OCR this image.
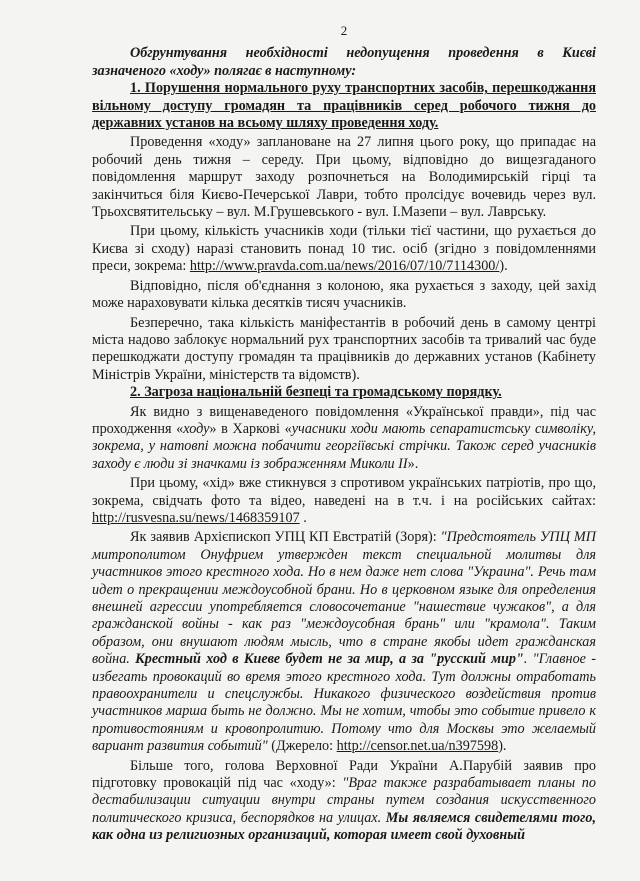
2

Обгрунтування необхідності недопущення проведення в Києві зазначеного «ходу» полягає в наступному:

1. Порушення нормального руху транспортних засобів, перешкоджання вільному доступу громадян та працівників серед робочого тижня до державних установ на всьому шляху проведення ходу.

Проведення «ходу» заплановане на 27 липня цього року, що припадає на робочий день тижня – середу. При цьому, відповідно до вищезгаданого повідомлення маршрут заходу розпочнеться на Володимирській гірці та закінчиться біля Києво-Печерської Лаври, тобто пролсідує вочевидь через вул. Трьохсвятительську – вул. М.Грушевського - вул. І.Мазепи – вул. Лаврську.

При цьому, кількість учасників ходи (тільки тієї частини, що рухається до Києва зі сходу) наразі становить понад 10 тис. осіб (згідно з повідомленнями преси, зокрема: http://www.pravda.com.ua/news/2016/07/10/7114300/).

Відповідно, після об'єднання з колоною, яка рухається з заходу, цей захід може нараховувати кілька десятків тисяч учасників.

Безперечно, така кількість маніфестантів в робочий день в самому центрі міста надово заблокує нормальний рух транспортних засобів та тривалий час буде перешкоджати доступу громадян та працівників до державних установ (Кабінету Міністрів України, міністерств та відомств).

2. Загроза національній безпеці та громадському порядку.

Як видно з вищенаведеного повідомлення «Української правди», під час проходження «ходу» в Харкові «учасники ходи мають сепаратистську символіку, зокрема, у натовпі можна побачити георгіївські стрічки. Також серед учасників заходу є люди зі значками із зображенням Миколи ІІ».

При цьому, «хід» вже стикнувся з спротивом українських патріотів, про що, зокрема, свідчать фото та відео, наведені на в т.ч. і на російських сайтах: http://rusvesna.su/news/1468359107 .

Як заявив Архієпископ УПЦ КП Евстратій (Зоря): "Предстоятель УПЦ МП митрополитом Онуфрием утвержден текст специальной молитвы для участников этого крестного хода. Но в нем даже нет слова "Украина". Речь там идет о прекращении междоусобной брани. Но в церковном языке для определения внешней агрессии употребляется словосочетание "нашествие чужаков", а для гражданской войны - как раз "междоусобная брань" или "крамола". Таким образом, они внушают людям мысль, что в стране якобы идет гражданская война. Крестный ход в Киеве будет не за мир, а за "русский мир". "Главное - избегать провокаций во время этого крестного хода. Тут должны отработать правоохранители и спецслужбы. Никакого физического воздействия против участников марша быть не должно. Мы не хотим, чтобы это событие привело к противостояниям и кровопролитию. Потому что для Москвы это желаемый вариант развития событий" (Джерело: http://censor.net.ua/n397598).

Більше того, голова Верховної Ради України А.Парубій заявив про підготовку провокацій під час «ходу»: "Враг также разрабатывает планы по дестабилизации ситуации внутри страны путем создания искусственного политического кризиса, беспорядков на улицах. Мы являемся свидетелями того, как одна из религиозных организаций, которая имеет свой духовный
